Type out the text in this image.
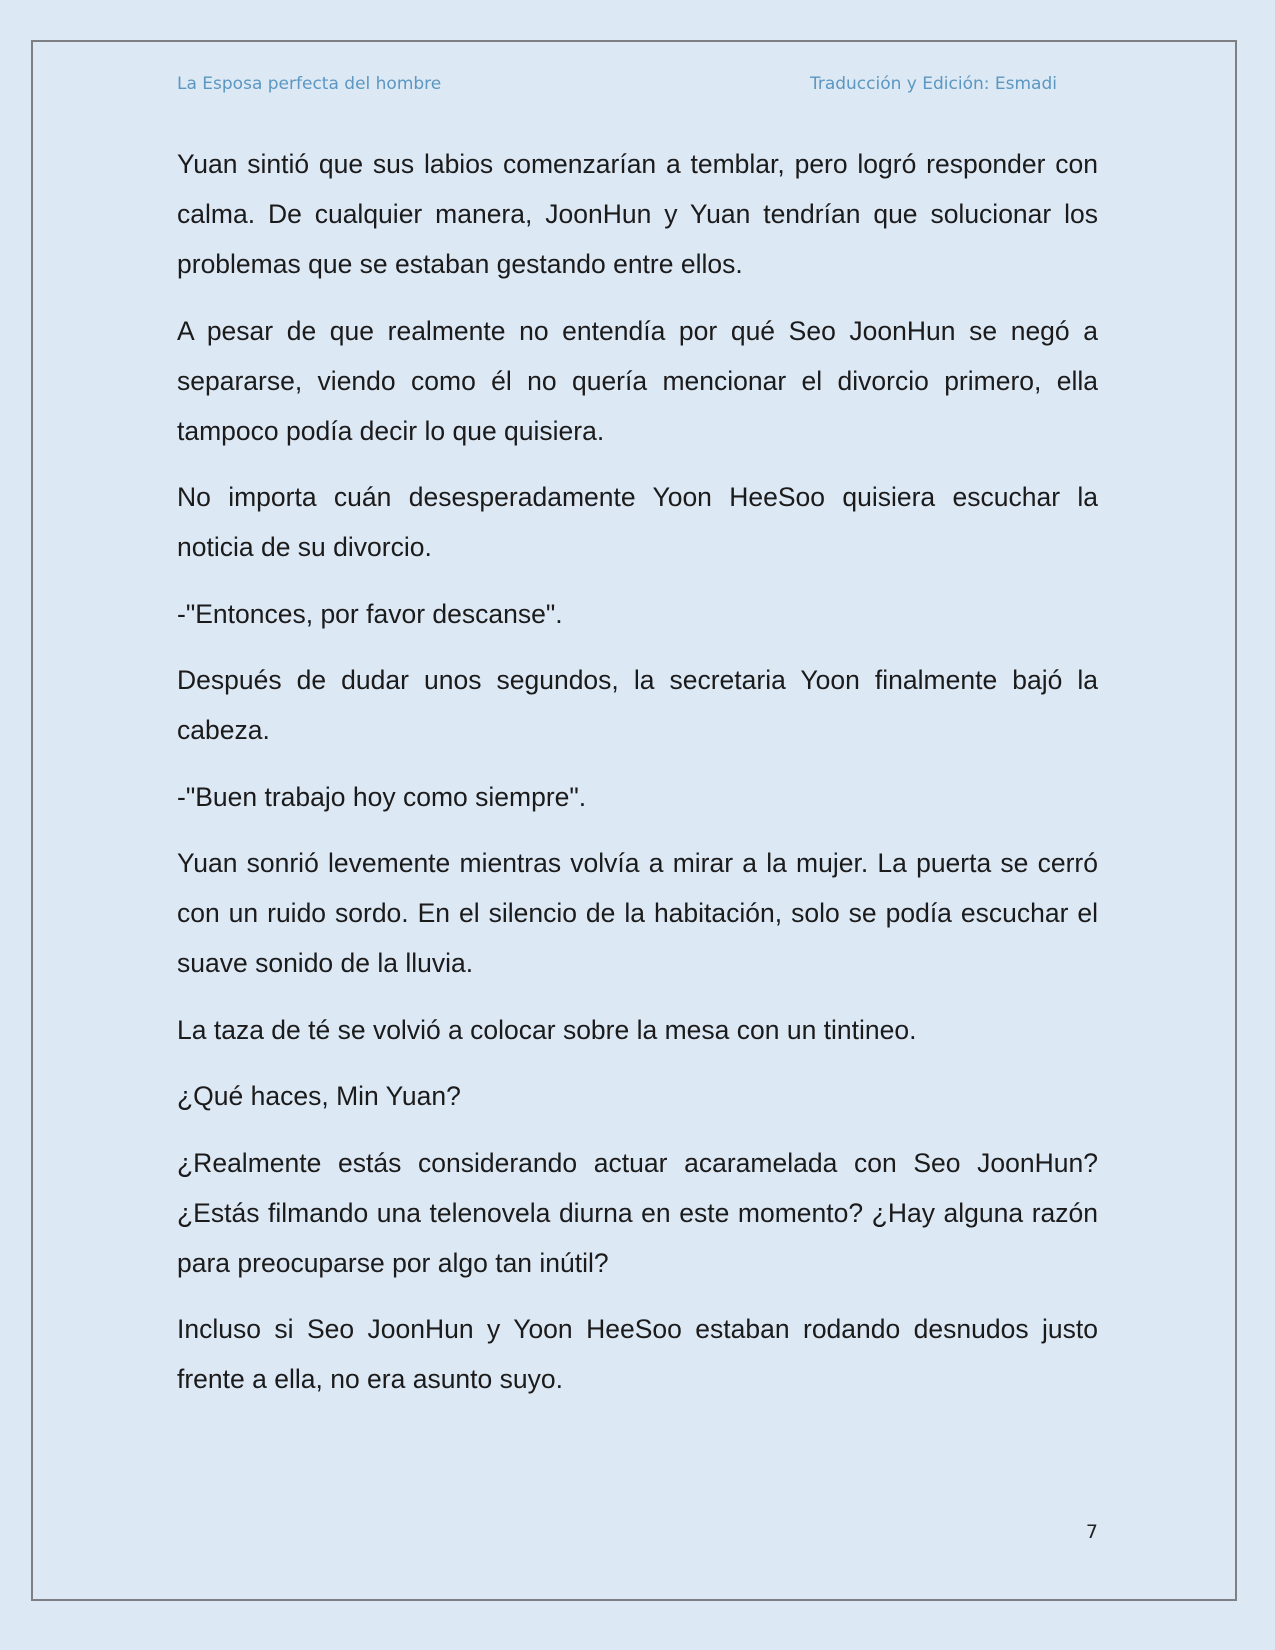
La Esposa perfecta del hombre	Traducción y Edición: Esmadi

Yuan sintió que sus labios comenzarían a temblar, pero logró responder con calma. De cualquier manera, JoonHun y Yuan tendrían que solucionar los problemas que se estaban gestando entre ellos.

A pesar de que realmente no entendía por qué Seo JoonHun se negó a separarse, viendo como él no quería mencionar el divorcio primero, ella tampoco podía decir lo que quisiera.

No importa cuán desesperadamente Yoon HeeSoo quisiera escuchar la noticia de su divorcio.

-"Entonces, por favor descanse".

Después de dudar unos segundos, la secretaria Yoon finalmente bajó la cabeza.

-"Buen trabajo hoy como siempre".

Yuan sonrió levemente mientras volvía a mirar a la mujer. La puerta se cerró con un ruido sordo. En el silencio de la habitación, solo se podía escuchar el suave sonido de la lluvia.

La taza de té se volvió a colocar sobre la mesa con un tintineo.

¿Qué haces, Min Yuan?

¿Realmente estás considerando actuar acaramelada con Seo JoonHun? ¿Estás filmando una telenovela diurna en este momento? ¿Hay alguna razón para preocuparse por algo tan inútil?

Incluso si Seo JoonHun y Yoon HeeSoo estaban rodando desnudos justo frente a ella, no era asunto suyo.

7
